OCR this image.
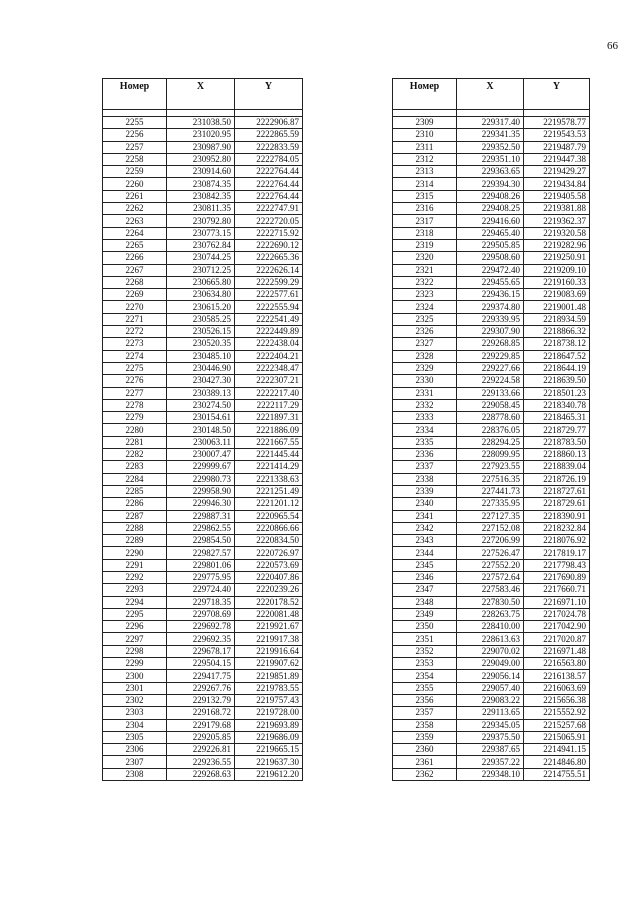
66
Номер	X	Y

2255	231038.50	2222906.87
2256	231020.95	2222865.59
2257	230987.90	2222833.59
2258	230952.80	2222784.05
2259	230914.60	2222764.44
2260	230874.35	2222764.44
2261	230842.35	2222764.44
2262	230811.35	2222747.91
2263	230792.80	2222720.05
2264	230773.15	2222715.92
2265	230762.84	2222690.12
2266	230744.25	2222665.36
2267	230712.25	2222626.14
2268	230665.80	2222599.29
2269	230634.80	2222577.61
2270	230615.20	2222555.94
2271	230585.25	2222541.49
2272	230526.15	2222449.89
2273	230520.35	2222438.04
2274	230485.10	2222404.21
2275	230446.90	2222348.47
2276	230427.30	2222307.21
2277	230389.13	2222217.40
2278	230274.50	2222117.29
2279	230154.61	2221897.31
2280	230148.50	2221886.09
2281	230063.11	2221667.55
2282	230007.47	2221445.44
2283	229999.67	2221414.29
2284	229980.73	2221338.63
2285	229958.90	2221251.49
2286	229946.30	2221201.12
2287	229887.31	2220965.54
2288	229862.55	2220866.66
2289	229854.50	2220834.50
2290	229827.57	2220726.97
2291	229801.06	2220573.69
2292	229775.95	2220407.86
2293	229724.40	2220239.26
2294	229718.35	2220178.52
2295	229708.69	2220081.48
2296	229692.78	2219921.67
2297	229692.35	2219917.38
2298	229678.17	2219916.64
2299	229504.15	2219907.62
2300	229417.75	2219851.89
2301	229267.76	2219783.55
2302	229132.79	2219757.43
2303	229168.72	2219728.00
2304	229179.68	2219693.89
2305	229205.85	2219686.09
2306	229226.81	2219665.15
2307	229236.55	2219637.30
2308	229268.63	2219612.20
Номер	X	Y

2309	229317.40	2219578.77
2310	229341.35	2219543.53
2311	229352.50	2219487.79
2312	229351.10	2219447.38
2313	229363.65	2219429.27
2314	229394.30	2219434.84
2315	229408.26	2219405.58
2316	229408.25	2219381.88
2317	229416.60	2219362.37
2318	229465.40	2219320.58
2319	229505.85	2219282.96
2320	229508.60	2219250.91
2321	229472.40	2219209.10
2322	229455.65	2219160.33
2323	229436.15	2219083.69
2324	229374.80	2219001.48
2325	229339.95	2218934.59
2326	229307.90	2218866.32
2327	229268.85	2218738.12
2328	229229.85	2218647.52
2329	229227.66	2218644.19
2330	229224.58	2218639.50
2331	229133.66	2218501.23
2332	229058.45	2218340.78
2333	228778.60	2218465.31
2334	228376.05	2218729.77
2335	228294.25	2218783.50
2336	228099.95	2218860.13
2337	227923.55	2218839.04
2338	227516.35	2218726.19
2339	227441.73	2218727.61
2340	227335.95	2218729.61
2341	227127.35	2218390.91
2342	227152.08	2218232.84
2343	227206.99	2218076.92
2344	227526.47	2217819.17
2345	227552.20	2217798.43
2346	227572.64	2217690.89
2347	227583.46	2217660.71
2348	227830.50	2216971.10
2349	228263.75	2217024.78
2350	228410.00	2217042.90
2351	228613.63	2217020.87
2352	229070.02	2216971.48
2353	229049.00	2216563.80
2354	229056.14	2216138.57
2355	229057.40	2216063.69
2356	229083.22	2215656.38
2357	229113.65	2215552.92
2358	229345.05	2215257.68
2359	229375.50	2215065.91
2360	229387.65	2214941.15
2361	229357.22	2214846.80
2362	229348.10	2214755.51
